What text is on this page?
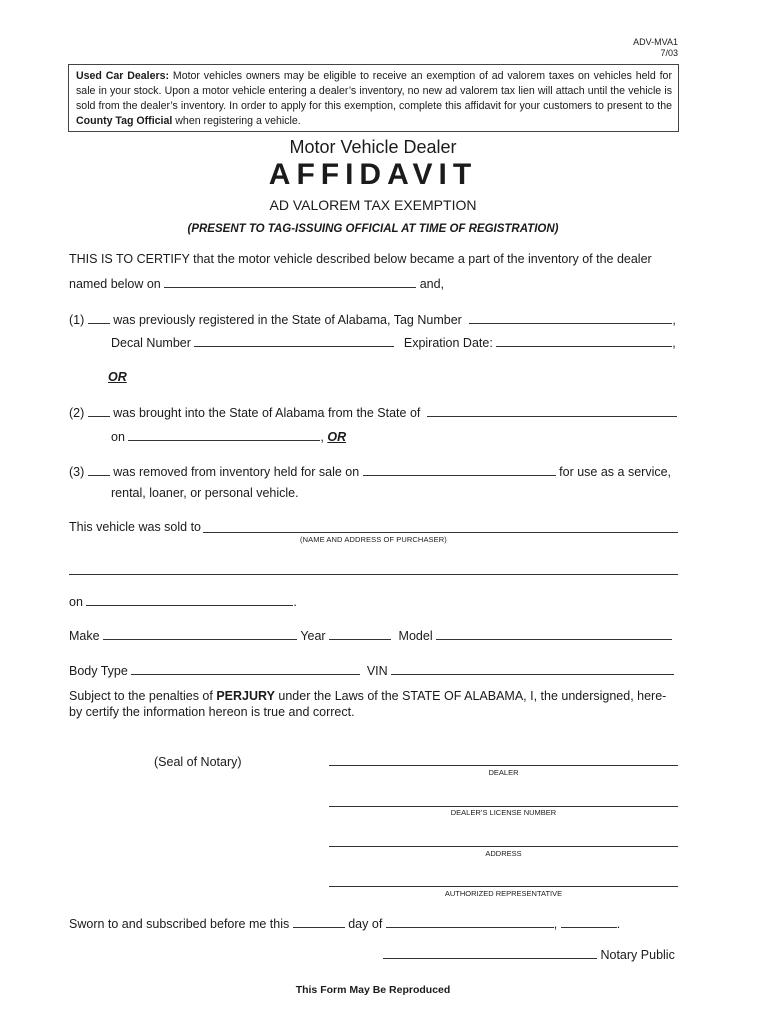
ADV-MVA1
7/03
Used Car Dealers: Motor vehicles owners may be eligible to receive an exemption of ad valorem taxes on vehicles held for sale in your stock. Upon a motor vehicle entering a dealer’s inventory, no new ad valorem tax lien will attach until the vehicle is sold from the dealer’s inventory. In order to apply for this exemption, complete this affidavit for your customers to present to the County Tag Official when registering a vehicle.
Motor Vehicle Dealer
AFFIDAVIT
AD VALOREM TAX EXEMPTION
(PRESENT TO TAG-ISSUING OFFICIAL AT TIME OF REGISTRATION)
THIS IS TO CERTIFY that the motor vehicle described below became a part of the inventory of the dealer
named below on	and,
(1) was previously registered in the State of Alabama, Tag Number	,
Decal Number	Expiration Date:	,
OR
(2) was brought into the State of Alabama from the State of
on	, OR
(3) was removed from inventory held for sale on	for use as a service,
rental, loaner, or personal vehicle.
This vehicle was sold to
(NAME AND ADDRESS OF PURCHASER)
on	.
Make	Year	Model
Body Type	VIN
Subject to the penalties of PERJURY under the Laws of the STATE OF ALABAMA, I, the undersigned, here-
by certify the information hereon is true and correct.
(Seal of Notary)
DEALER
DEALER’S LICENSE NUMBER
ADDRESS
AUTHORIZED REPRESENTATIVE
Sworn to and subscribed before me this	day of	,	.
Notary Public
This Form May Be Reproduced
